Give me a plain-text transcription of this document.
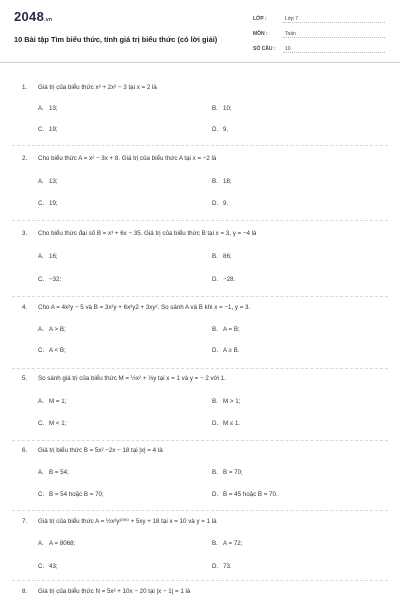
2048.vn
10 Bài tập Tìm biểu thức, tính giá trị biểu thức (có lời giải)
LỚP :	Lớp 7
MÔN :	Toán
SỐ CÂU : 10
1. Giá trị của biểu thức x³ + 2x² − 3 tại x = 2 là
A. 13;	B. 10;
C. 19;	D. 9.
2. Cho biểu thức A = x² − 3x + 8. Giá trị của biểu thức A tại x = −2 là
A. 13;	B. 18;
C. 19;	D. 9.
3. Cho biểu thức đại số B = x³ + 6x − 35. Giá trị của biểu thức B tại x = 3, y = −4 là
A. 16;	B. 86;
C. −32;	D. −28.
4. Cho A = 4x²y − 5 và B = 3x²y + 6x²y2 + 3xy². So sánh A và B khi x = −1, y = 3.
A. A > B;	B. A = B;
C. A < B;	D. A ≥ B.
5. So sánh giá trị của biểu thức M = ½x² + ⅓y tại x = 1 và y = − 2 với 1.
A. M = 1;	B. M > 1;
C. M < 1;	D. M ≤ 1.
6. Giá trị biểu thức B = 5x² −2x − 18 tại |x| = 4 là
A. B = 54;	B. B = 70;
C. B = 54 hoặc B = 70;	D. B = 45 hoặc B = 70.
7. Giá trị của biểu thức A = ½x²y²⁰⁰⁰ + 5xy + 18 tại x = 10 và y = 1 là
A. A = 8068;	B. A = 72;
C. 43;	D. 73.
8. Giá trị của biểu thức N = 5x² + 10x − 20 tại |x − 1| = 1 là
